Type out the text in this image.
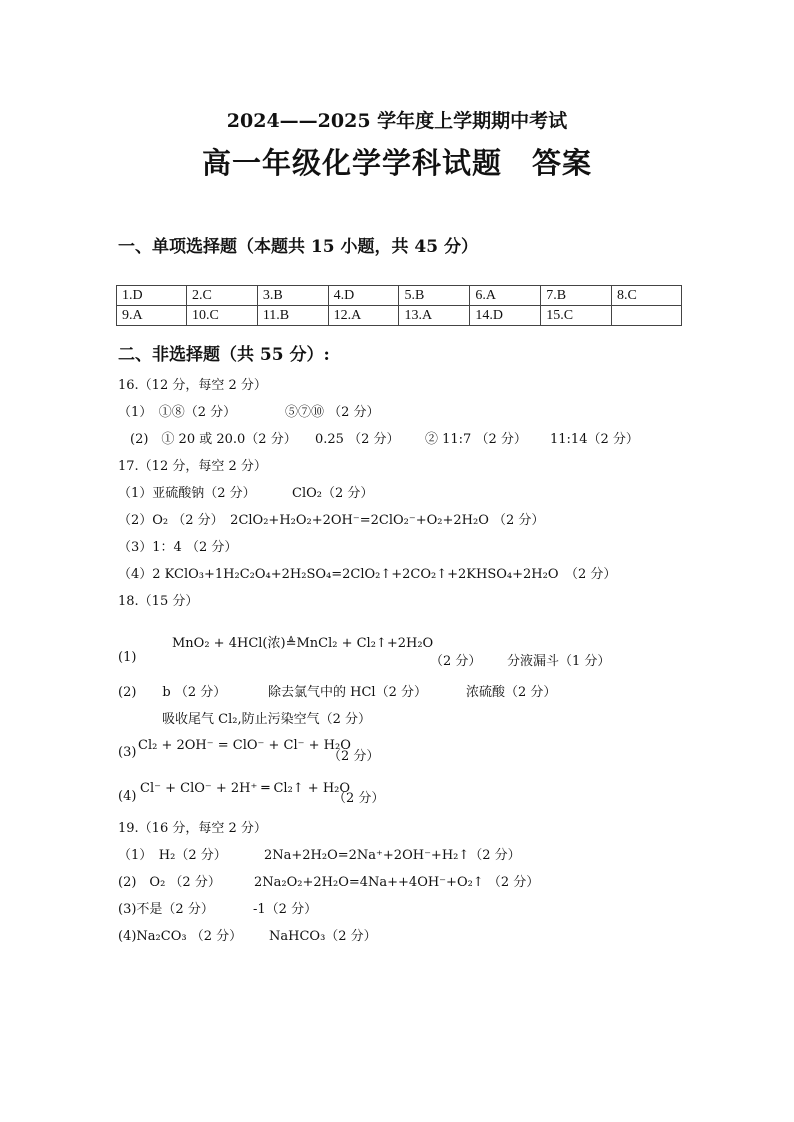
2024——2025 学年度上学期期中考试
高一年级化学学科试题　答案
一、单项选择题（本题共 15 小题，共 45 分）
1.D	2.C	3.B	4.D	5.B	6.A	7.B	8.C
9.A	10.C	11.B	12.A	13.A	14.D	15.C	
二、非选择题（共 55 分）:
16.（12 分，每空 2 分）
（1）　①⑧（2 分）	⑤⑦⑩ （2 分）
(2)　① 20 或 20.0（2 分） 0.25 （2 分） ② 11:7 （2 分） 11:14（2 分）
17.（12 分，每空 2 分）
（1）亚硫酸钠（2 分）	ClO₂（2 分）
（2）O₂ （2 分）　2ClO₂+H₂O₂+2OH⁻=2ClO₂⁻+O₂+2H₂O （2 分）
（3）1：4 （2 分）
（4）2 KClO₃+1H₂C₂O₄+2H₂SO₄=2ClO₂↑+2CO₂↑+2KHSO₄+2H₂O　（2 分）
18.（15 分）
MnO₂ + 4HCl(浓)≜MnCl₂ + Cl₂↑+2H₂O
(1)	（2 分） 分液漏斗（1 分）
(2)　　b （2 分）	除去氯气中的 HCl（2 分）	浓硫酸（2 分）
吸收尾气 Cl₂,防止污染空气（2 分）
(3) Cl₂ + 2OH⁻ = ClO⁻ + Cl⁻ + H₂O
（2 分）
(4)
Cl⁻ + ClO⁻ + 2H⁺ ═ Cl₂↑ + H₂O
（2 分）
19.（16 分，每空 2 分）
（1）　H₂（2 分）	2Na+2H₂O=2Na⁺+2OH⁻+H₂↑（2 分）
(2)　O₂ （2 分）	2Na₂O₂+2H₂O=4Na++4OH⁻+O₂↑ （2 分）
(3)不是（2 分）	-1（2 分）
(4)Na₂CO₃ （2 分） NaHCO₃（2 分）
